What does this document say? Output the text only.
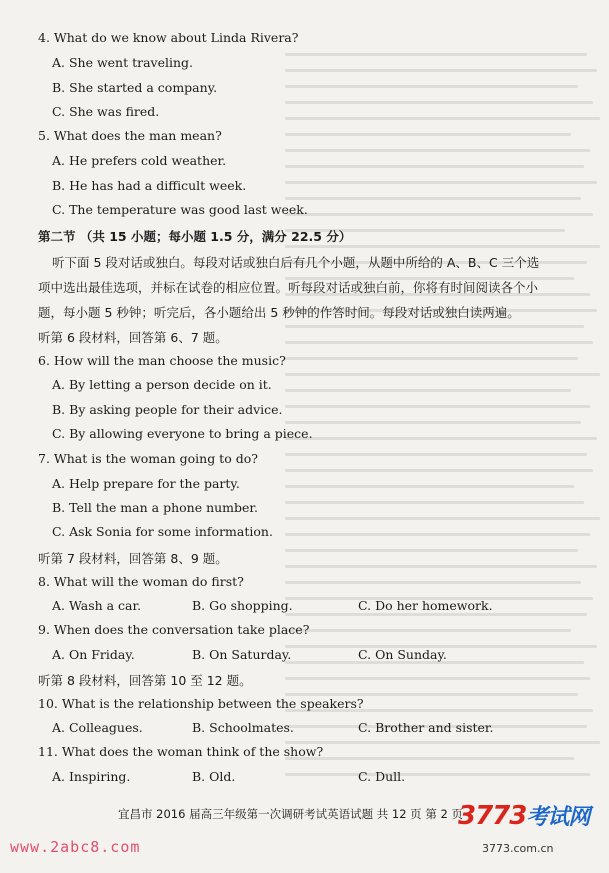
4. What do we know about Linda Rivera?
A. She went traveling.
B. She started a company.
C. She was fired.
5. What does the man mean?
A. He prefers cold weather.
B. He has had a difficult week.
C. The temperature was good last week.
第二节 （共 15 小题；每小题 1.5 分，满分 22.5 分）
听下面 5 段对话或独白。每段对话或独白后有几个小题，从题中所给的 A、B、C 三个选
项中选出最佳选项，并标在试卷的相应位置。听每段对话或独白前，你将有时间阅读各个小
题，每小题 5 秒钟；听完后，各小题给出 5 秒钟的作答时间。每段对话或独白读两遍。
听第 6 段材料，回答第 6、7 题。
6. How will the man choose the music?
A. By letting a person decide on it.
B. By asking people for their advice.
C. By allowing everyone to bring a piece.
7. What is the woman going to do?
A. Help prepare for the party.
B. Tell the man a phone number.
C. Ask Sonia for some information.
听第 7 段材料，回答第 8、9 题。
8. What will the woman do first?
A. Wash a car.	B. Go shopping.	C. Do her homework.
9. When does the conversation take place?
A. On Friday.	B. On Saturday.	C. On Sunday.
听第 8 段材料，回答第 10 至 12 题。
10. What is the relationship between the speakers?
A. Colleagues.	B. Schoolmates.	C. Brother and sister.
11. What does the woman think of the show?
A. Inspiring.	B. Old.	C. Dull.
宜昌市 2016 届高三年级第一次调研考试英语试题 共 12 页 第 2 页
www.2abc8.com
3773考试网
3773.com.cn
